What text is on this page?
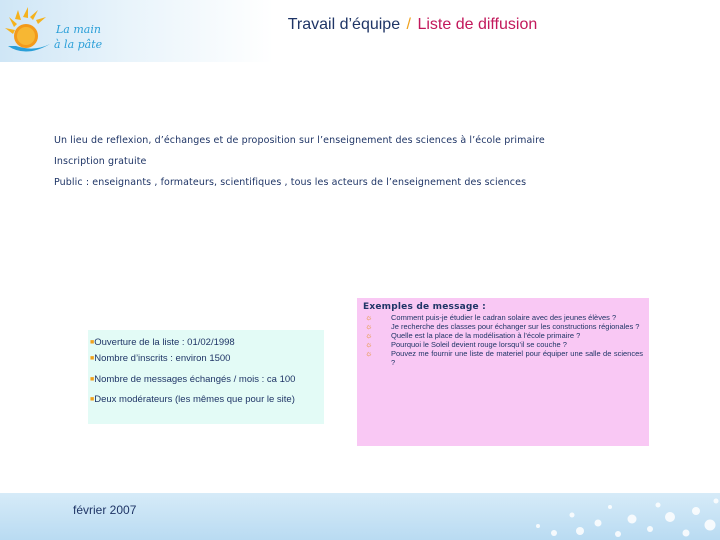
La main
à la pâte
Travail d’équipe / Liste de diffusion

Un lieu de reflexion, d’échanges et de proposition sur l’enseignement des sciences à l’école primaire

Inscription gratuite

Public : enseignants , formateurs, scientifiques , tous les acteurs de l’enseignement des sciences

■Ouverture de la liste : 01/02/1998
■Nombre d’inscrits : environ 1500
■Nombre de messages échangés / mois : ca 100
■Deux modérateurs (les mêmes que pour le site)
Exemples de message :
☼ Comment puis-je étudier le cadran solaire avec des jeunes élèves ?
☼ Je recherche des classes pour échanger sur les constructions régionales ?
☼ Quelle est la place de la modélisation à l’école primaire ?
☼ Pourquoi le Soleil devient rouge lorsqu’il se couche ?
☼ Pouvez me fournir une liste de materiel pour équiper une salle de sciences ?
février 2007
